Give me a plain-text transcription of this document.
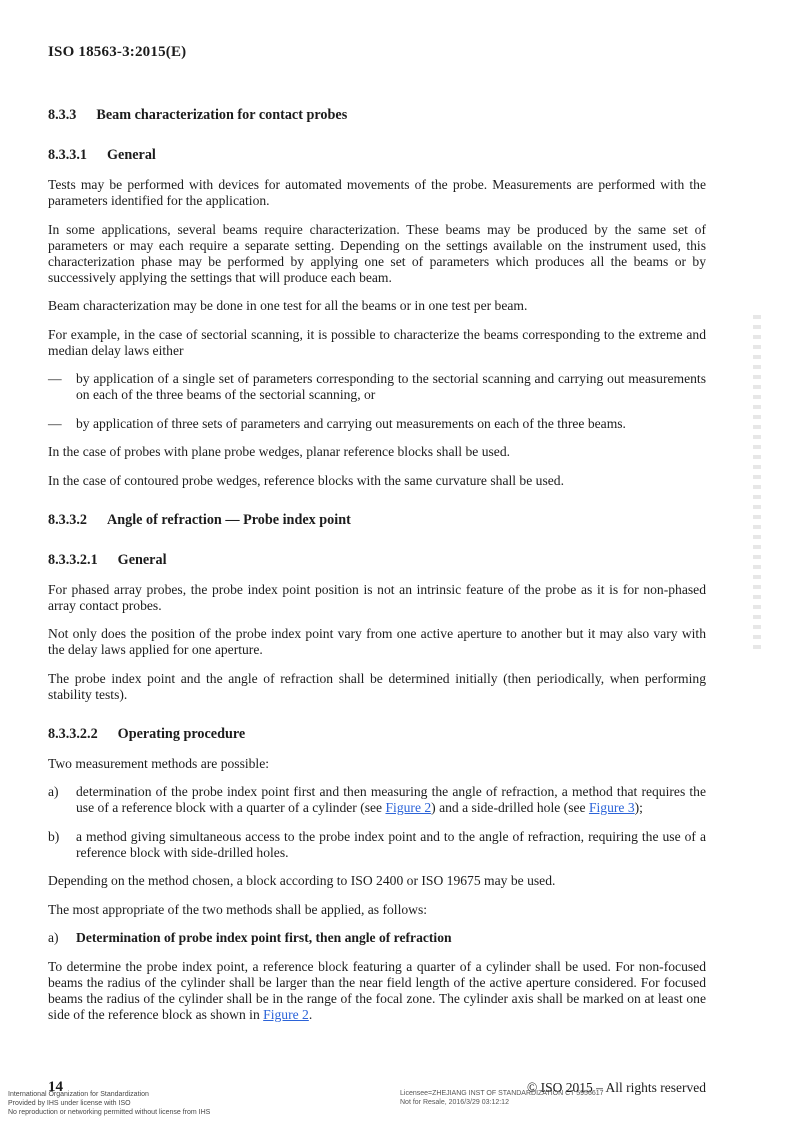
ISO 18563-3:2015(E)
8.3.3 Beam characterization for contact probes
8.3.3.1 General

Tests may be performed with devices for automated movements of the probe. Measurements are performed with the parameters identified for the application.

In some applications, several beams require characterization. These beams may be produced by the same set of parameters or may each require a separate setting. Depending on the settings available on the instrument used, this characterization phase may be performed by applying one set of parameters which produces all the beams or by successively applying the settings that will produce each beam.

Beam characterization may be done in one test for all the beams or in one test per beam.

For example, in the case of sectorial scanning, it is possible to characterize the beams corresponding to the extreme and median delay laws either

—	by application of a single set of parameters corresponding to the sectorial scanning and carrying out measurements on each of the three beams of the sectorial scanning, or
—	by application of three sets of parameters and carrying out measurements on each of the three beams.

In the case of probes with plane probe wedges, planar reference blocks shall be used.

In the case of contoured probe wedges, reference blocks with the same curvature shall be used.

8.3.3.2 Angle of refraction — Probe index point
8.3.3.2.1 General

For phased array probes, the probe index point position is not an intrinsic feature of the probe as it is for non-phased array contact probes.

Not only does the position of the probe index point vary from one active aperture to another but it may also vary with the delay laws applied for one aperture.

The probe index point and the angle of refraction shall be determined initially (then periodically, when performing stability tests).

8.3.3.2.2 Operating procedure

Two measurement methods are possible:

a)	determination of the probe index point first and then measuring the angle of refraction, a method that requires the use of a reference block with a quarter of a cylinder (see Figure 2) and a side-drilled hole (see Figure 3);
b)	a method giving simultaneous access to the probe index point and to the angle of refraction, requiring the use of a reference block with side-drilled holes.

Depending on the method chosen, a block according to ISO 2400 or ISO 19675 may be used.

The most appropriate of the two methods shall be applied, as follows:

a)	Determination of probe index point first, then angle of refraction

To determine the probe index point, a reference block featuring a quarter of a cylinder shall be used. For non-focused beams the radius of the cylinder shall be larger than the near field length of the active aperture considered. For focused beams the radius of the cylinder shall be in the range of the focal zone. The cylinder axis shall be marked on at least one side of the reference block as shown in Figure 2.

14
International Organization for Standardization
Provided by IHS under license with ISO
No reproduction or networking permitted without license from IHS
Licensee=ZHEJIANG INST OF STANDARDIZATION CT 5956617
Not for Resale, 2016/3/29 03:12:12
© ISO 2015 – All rights reserved
